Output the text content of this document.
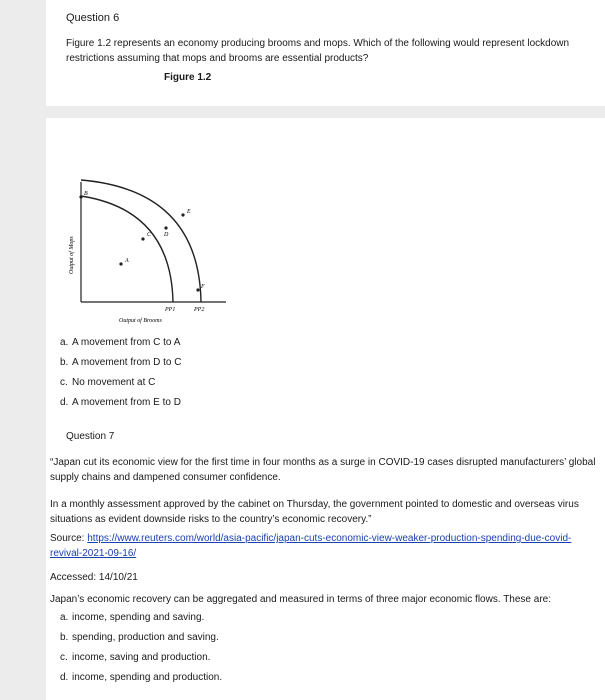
Question 6
Figure 1.2 represents an economy producing brooms and mops. Which of the following would represent lockdown restrictions assuming that mops and brooms are essential products?
Figure 1.2
B
C D
E
A
F
PP1	PP2
Output of Brooms
Output of Mops
a. A movement from C to A
b. A movement from D to C
c. No movement at C
d. A movement from E to D
Question 7
“Japan cut its economic view for the first time in four months as a surge in COVID-19 cases disrupted manufacturers’ global supply chains and dampened consumer confidence.
In a monthly assessment approved by the cabinet on Thursday, the government pointed to domestic and overseas virus situations as evident downside risks to the country’s economic recovery.”
Source: https://www.reuters.com/world/asia-pacific/japan-cuts-economic-view-weaker-production-spending-due-covid-
revival-2021-09-16/
Accessed: 14/10/21
Japan’s economic recovery can be aggregated and measured in terms of three major economic flows. These are:
a. income, spending and saving.
b. spending, production and saving.
c. income, saving and production.
d. income, spending and production.
